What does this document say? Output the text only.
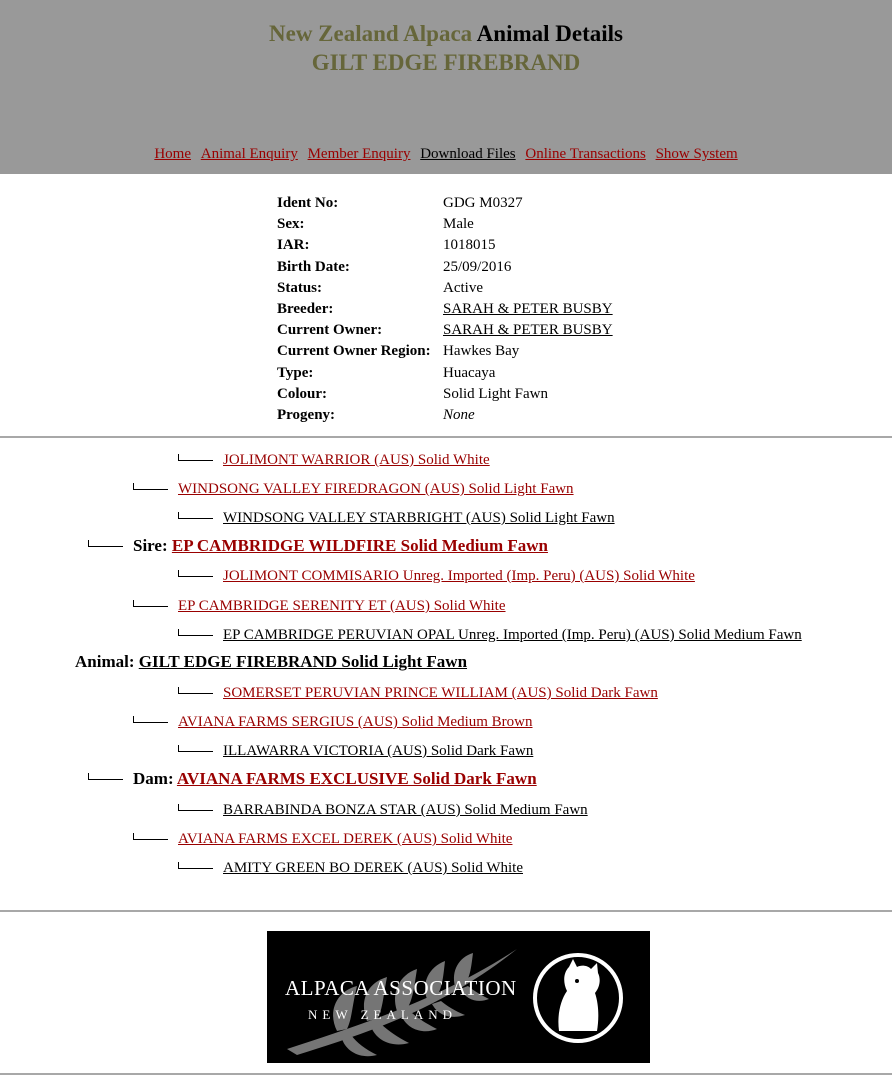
New Zealand Alpaca Animal Details
GILT EDGE FIREBRAND
Home Animal Enquiry Member Enquiry Download Files Online Transactions Show System
Ident No:	GDG M0327
Sex:	Male
IAR:	1018015
Birth Date:	25/09/2016
Status:	Active
Breeder:	SARAH & PETER BUSBY
Current Owner:	SARAH & PETER BUSBY
Current Owner Region: Hawkes Bay
Type:	Huacaya
Colour:	Solid Light Fawn
Progeny:	None
JOLIMONT WARRIOR (AUS) Solid White
WINDSONG VALLEY FIREDRAGON (AUS) Solid Light Fawn
WINDSONG VALLEY STARBRIGHT (AUS) Solid Light Fawn
Sire: EP CAMBRIDGE WILDFIRE Solid Medium Fawn
JOLIMONT COMMISARIO Unreg. Imported (Imp. Peru) (AUS) Solid White
EP CAMBRIDGE SERENITY ET (AUS) Solid White
EP CAMBRIDGE PERUVIAN OPAL Unreg. Imported (Imp. Peru) (AUS) Solid Medium Fawn
Animal: GILT EDGE FIREBRAND Solid Light Fawn
SOMERSET PERUVIAN PRINCE WILLIAM (AUS) Solid Dark Fawn
AVIANA FARMS SERGIUS (AUS) Solid Medium Brown
ILLAWARRA VICTORIA (AUS) Solid Dark Fawn
Dam: AVIANA FARMS EXCLUSIVE Solid Dark Fawn
BARRABINDA BONZA STAR (AUS) Solid Medium Fawn
AVIANA FARMS EXCEL DEREK (AUS) Solid White
AMITY GREEN BO DEREK (AUS) Solid White
ALPACA ASSOCIATION
NEW ZEALAND
